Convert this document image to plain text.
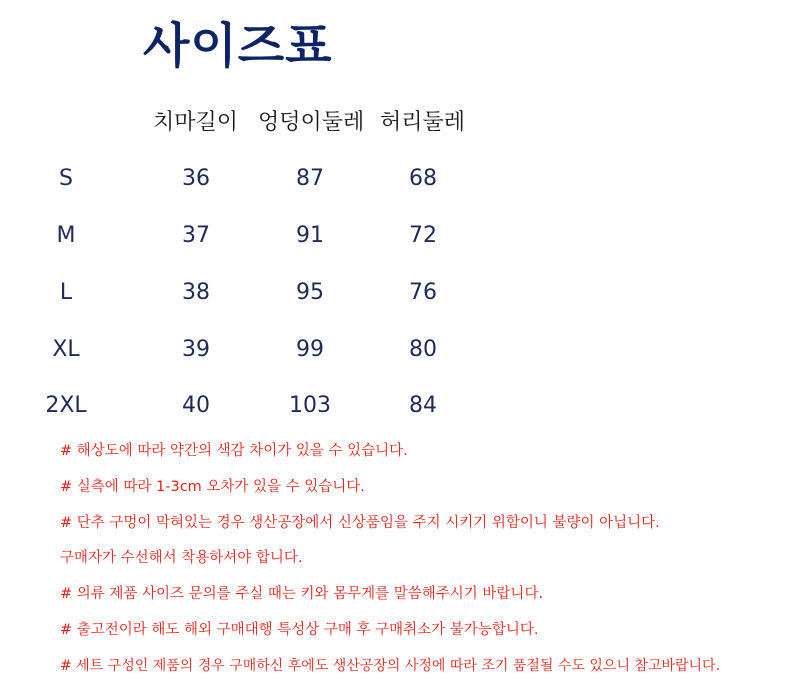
사이즈표
치마길이 엉덩이둘레 허리둘레
S	36	87	68
M	37	91	72
L	38	95	76
XL	39	99	80
2XL	40	103	84
# 해상도에 따라 약간의 색감 차이가 있을 수 있습니다.
# 실측에 따라 1-3cm 오차가 있을 수 있습니다.
# 단추 구멍이 막혀있는 경우 생산공장에서 신상품임을 주지 시키기 위함이니 불량이 아닙니다.
구매자가 수선해서 착용하셔야 합니다.
# 의류 제품 사이즈 문의를 주실 때는 키와 몸무게를 말씀해주시기 바랍니다.
# 출고전이라 해도 해외 구매대행 특성상 구매 후 구매취소가 불가능합니다.
# 세트 구성인 제품의 경우 구매하신 후에도 생산공장의 사정에 따라 조기 품절될 수도 있으니 참고바랍니다.
